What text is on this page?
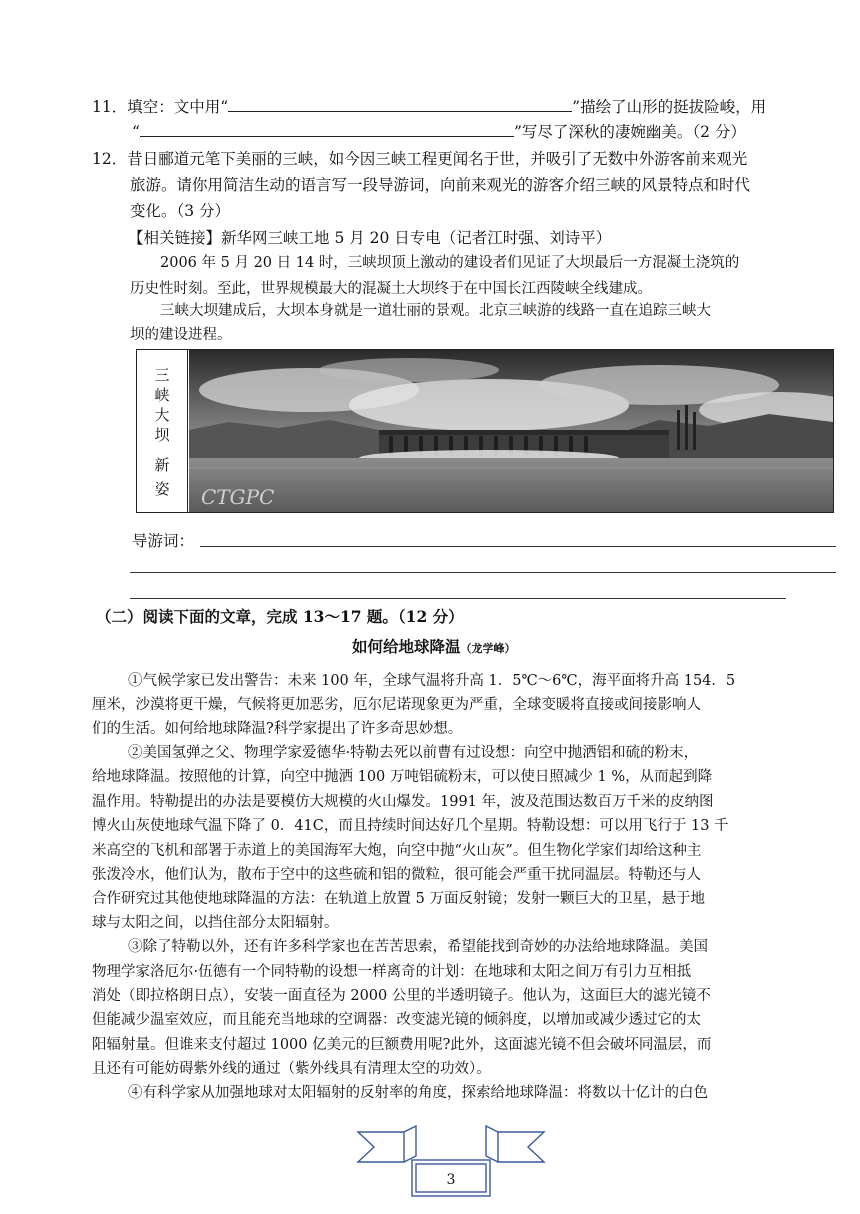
11．填空：文中用“	”描绘了山形的挺拔险峻，用
“	”写尽了深秋的凄婉幽美。（2 分）
12．昔日郦道元笔下美丽的三峡，如今因三峡工程更闻名于世，并吸引了无数中外游客前来观光
旅游。请你用简洁生动的语言写一段导游词，向前来观光的游客介绍三峡的风景特点和时代
变化。（3 分）
【相关链接】新华网三峡工地 5 月 20 日专电（记者江时强、刘诗平）
2006 年 5 月 20 日 14 时，三峡坝顶上激动的建设者们见证了大坝最后一方混凝土浇筑的
历史性时刻。至此，世界规模最大的混凝土大坝终于在中国长江西陵峡全线建成。
三峡大坝建成后，大坝本身就是一道壮丽的景观。北京三峡游的线路一直在追踪三峡大
坝的建设进程。
三
峡
大
坝
新
姿	CTGPC
导游词：
（二）阅读下面的文章，完成 13～17 题。（12 分）
如何给地球降温（龙学峰）
①气候学家已发出警告：未来 100 年，全球气温将升高 1．5℃～6℃，海平面将升高 154．5
厘米，沙漠将更干燥，气候将更加恶劣，厄尔尼诺现象更为严重，全球变暖将直接或间接影响人
们的生活。如何给地球降温?科学家提出了许多奇思妙想。
②美国氢弹之父、物理学家爱德华·特勒去死以前曹有过设想：向空中抛洒铝和硫的粉末，
给地球降温。按照他的计算，向空中抛洒 100 万吨铝硫粉末，可以使日照减少 1 %，从而起到降
温作用。特勒提出的办法是要模仿大规模的火山爆发。1991 年，波及范围达数百万千米的皮纳图
博火山灰使地球气温下降了 0．41C，而且持续时间达好几个星期。特勒设想：可以用飞行于 13 千
米高空的飞机和部署于赤道上的美国海军大炮，向空中抛“火山灰”。但生物化学家们却给这种主
张泼冷水，他们认为，散布于空中的这些硫和铝的微粒，很可能会严重干扰同温层。特勒还与人
合作研究过其他使地球降温的方法：在轨道上放置 5 万面反射镜；发射一颗巨大的卫星，悬于地
球与太阳之间，以挡住部分太阳辐射。
③除了特勒以外，还有许多科学家也在苦苦思索，希望能找到奇妙的办法给地球降温。美国
物理学家洛厄尔·伍德有一个同特勒的设想一样离奇的计划：在地球和太阳之间万有引力互相抵
消处（即拉格朗日点），安装一面直径为 2000 公里的半透明镜子。他认为，这面巨大的滤光镜不
但能减少温室效应，而且能充当地球的空调器：改变滤光镜的倾斜度，以增加或减少透过它的太
阳辐射量。但谁来支付超过 1000 亿美元的巨额费用呢?此外，这面滤光镜不但会破坏同温层，而
且还有可能妨碍紫外线的通过（紫外线具有清理太空的功效）。
④有科学家从加强地球对太阳辐射的反射率的角度，探索给地球降温：将数以十亿计的白色
3
